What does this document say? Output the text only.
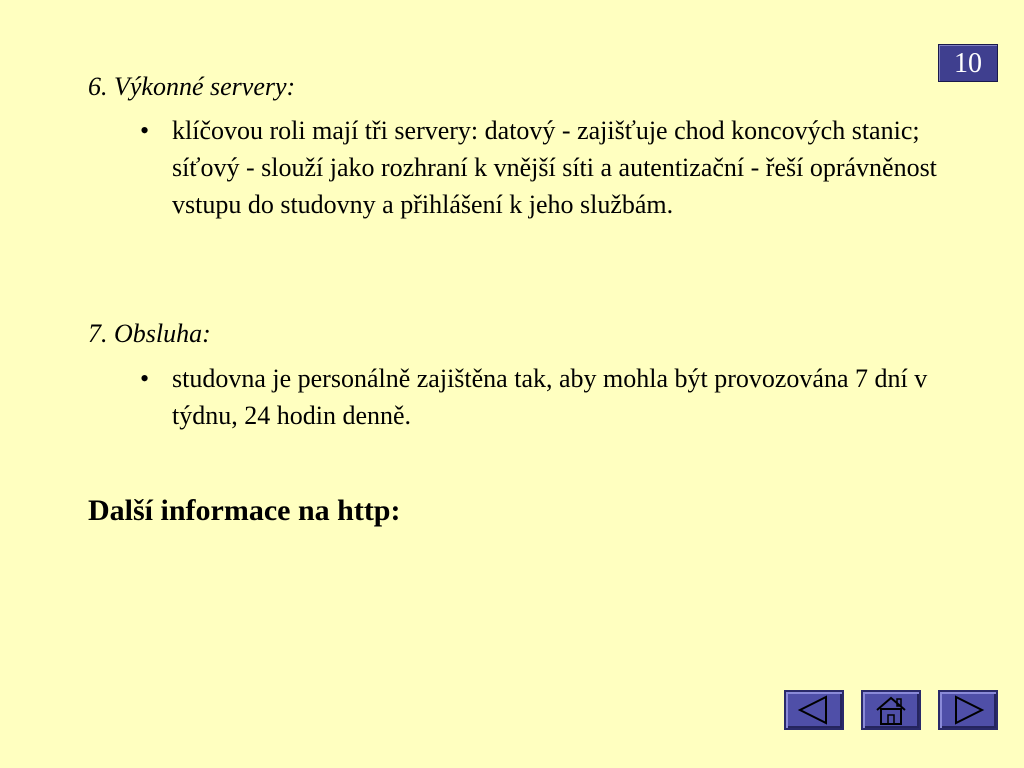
10

6. Výkonné servery:

• klíčovou roli mají tři servery: datový - zajišťuje chod koncových stanic; síťový - slouží jako rozhraní k vnější síti a autentizační - řeší oprávněnost vstupu do studovny a přihlášení k jeho službám.

7. Obsluha:

• studovna je personálně zajištěna tak, aby mohla být provozována 7 dní v týdnu, 24 hodin denně.

Další informace na http:
